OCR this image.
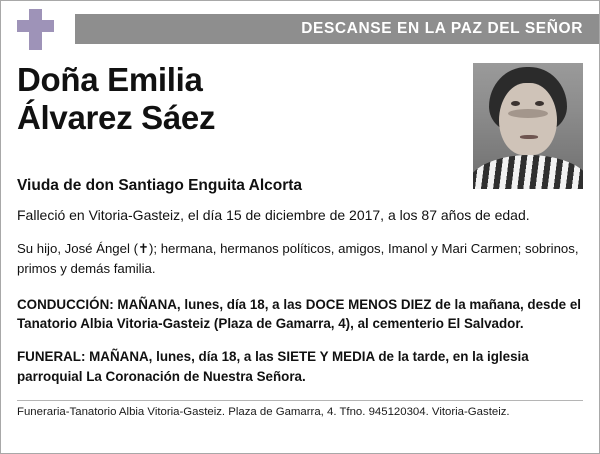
DESCANSE EN LA PAZ DEL SEÑOR
Doña Emilia
Álvarez Sáez
Viuda de don Santiago Enguita Alcorta
Falleció en Vitoria-Gasteiz, el día 15 de diciembre de 2017, a los 87 años de edad.
Su hijo, José Ángel (✝); hermana, hermanos políticos, amigos, Imanol y Mari Carmen; sobrinos, primos y demás familia.
CONDUCCIÓN: MAÑANA, lunes, día 18, a las DOCE MENOS DIEZ de la mañana, desde el Tanatorio Albia Vitoria-Gasteiz (Plaza de Gamarra, 4), al cementerio El Salvador.
FUNERAL: MAÑANA, lunes, día 18, a las SIETE Y MEDIA de la tarde, en la iglesia parroquial La Coronación de Nuestra Señora.
Funeraria-Tanatorio Albia Vitoria-Gasteiz. Plaza de Gamarra, 4. Tfno. 945120304. Vitoria-Gasteiz.
